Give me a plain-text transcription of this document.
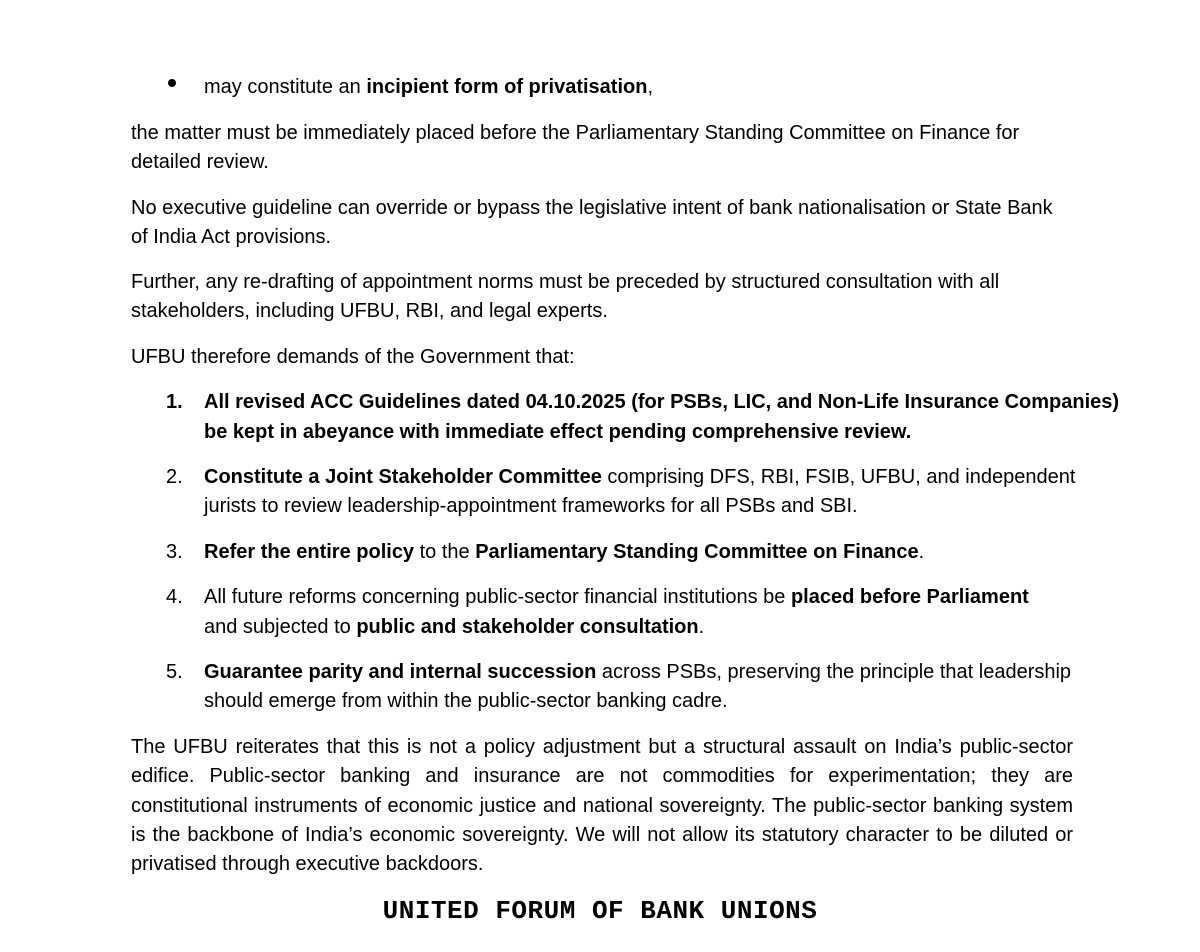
may constitute an incipient form of privatisation,
the matter must be immediately placed before the Parliamentary Standing Committee on Finance for
detailed review.
No executive guideline can override or bypass the legislative intent of bank nationalisation or State Bank
of India Act provisions.
Further, any re-drafting of appointment norms must be preceded by structured consultation with all
stakeholders, including UFBU, RBI, and legal experts.
UFBU therefore demands of the Government that:
1. All revised ACC Guidelines dated 04.10.2025 (for PSBs, LIC, and Non-Life Insurance Companies)
be kept in abeyance with immediate effect pending comprehensive review.
2. Constitute a Joint Stakeholder Committee comprising DFS, RBI, FSIB, UFBU, and independent
jurists to review leadership-appointment frameworks for all PSBs and SBI.
3. Refer the entire policy to the Parliamentary Standing Committee on Finance.
4. All future reforms concerning public-sector financial institutions be placed before Parliament
and subjected to public and stakeholder consultation.
5. Guarantee parity and internal succession across PSBs, preserving the principle that leadership
should emerge from within the public-sector banking cadre.
The UFBU reiterates that this is not a policy adjustment but a structural assault on India’s public-sector
edifice. Public-sector banking and insurance are not commodities for experimentation; they are
constitutional instruments of economic justice and national sovereignty. The public-sector banking system
is the backbone of India’s economic sovereignty. We will not allow its statutory character to be diluted or
privatised through executive backdoors.
UNITED FORUM OF BANK UNIONS
